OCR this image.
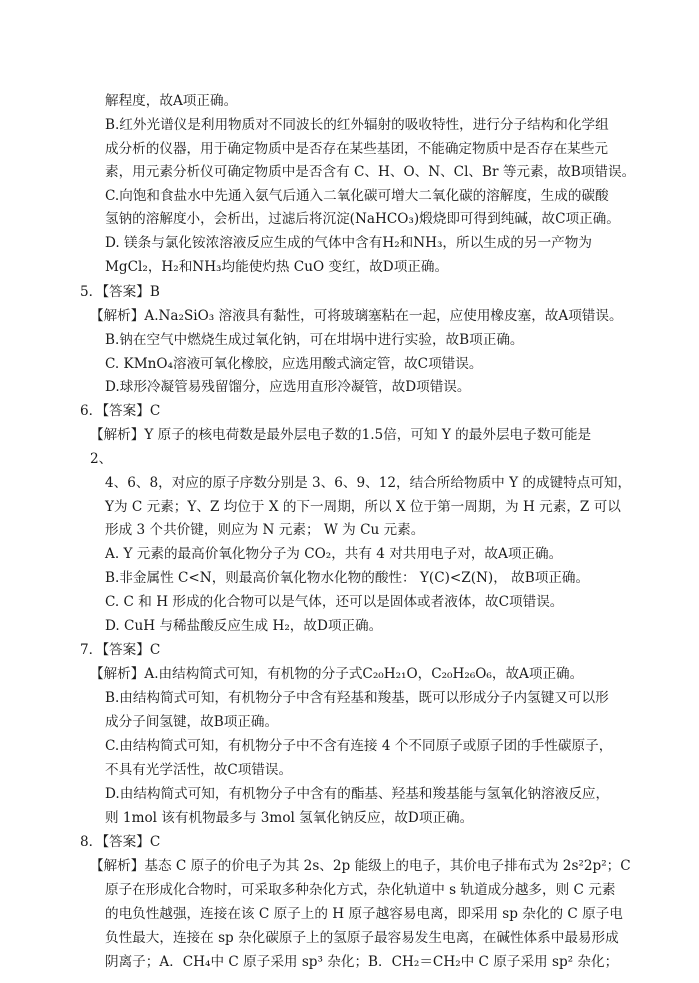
解程度，故A项正确。
B.红外光谱仪是利用物质对不同波长的红外辐射的吸收特性，进行分子结构和化学组
成分析的仪器，用于确定物质中是否存在某些基团，不能确定物质中是否存在某些元
素，用元素分析仪可确定物质中是否含有 C、H、O、N、Cl、Br 等元素，故B项错误。
C.向饱和食盐水中先通入氨气后通入二氧化碳可增大二氧化碳的溶解度，生成的碳酸
氢钠的溶解度小，会析出，过滤后将沉淀(NaHCO₃)煅烧即可得到纯碱，故C项正确。
D. 镁条与氯化铵浓溶液反应生成的气体中含有H₂和NH₃，所以生成的另一产物为
MgCl₂，H₂和NH₃均能使灼热 CuO 变红，故D项正确。
5．【答案】B
【解析】A.Na₂SiO₃ 溶液具有黏性，可将玻璃塞粘在一起，应使用橡皮塞，故A项错误。
B.钠在空气中燃烧生成过氧化钠，可在坩埚中进行实验，故B项正确。
C. KMnO₄溶液可氧化橡胶，应选用酸式滴定管，故C项错误。
D.球形冷凝管易残留馏分，应选用直形冷凝管，故D项错误。
6．【答案】C
【解析】Y 原子的核电荷数是最外层电子数的1.5倍，可知 Y 的最外层电子数可能是
2、
4、6、8，对应的原子序数分别是 3、6、9、12，结合所给物质中 Y 的成键特点可知，
Y为 C 元素；Y、Z 均位于 X 的下一周期，所以 X 位于第一周期，为 H 元素，Z 可以
形成 3 个共价键，则应为 N 元素； W 为 Cu 元素。
A. Y 元素的最高价氧化物分子为 CO₂，共有 4 对共用电子对，故A项正确。
B.非金属性 C<N，则最高价氧化物水化物的酸性： Y(C)<Z(N)， 故B项正确。
C. C 和 H 形成的化合物可以是气体，还可以是固体或者液体，故C项错误。
D. CuH 与稀盐酸反应生成 H₂，故D项正确。
7．【答案】C
【解析】A.由结构简式可知，有机物的分子式C₂₀H₂₁O，C₂₀H₂₆O₆，故A项正确。
B.由结构简式可知，有机物分子中含有羟基和羧基，既可以形成分子内氢键又可以形
成分子间氢键，故B项正确。
C.由结构简式可知，有机物分子中不含有连接 4 个不同原子或原子团的手性碳原子，
不具有光学活性，故C项错误。
D.由结构简式可知，有机物分子中含有的酯基、羟基和羧基能与氢氧化钠溶液反应，
则 1mol 该有机物最多与 3mol 氢氧化钠反应，故D项正确。
8．【答案】C
【解析】基态 C 原子的价电子为其 2s、2p 能级上的电子，其价电子排布式为 2s²2p²；C
原子在形成化合物时，可采取多种杂化方式，杂化轨道中 s 轨道成分越多，则 C 元素
的电负性越强，连接在该 C 原子上的 H 原子越容易电离，即采用 sp 杂化的 C 原子电
负性最大，连接在 sp 杂化碳原子上的氢原子最容易发生电离，在碱性体系中最易形成
阴离子；A．CH₄中 C 原子采用 sp³ 杂化；B．CH₂＝CH₂中 C 原子采用 sp² 杂化；
